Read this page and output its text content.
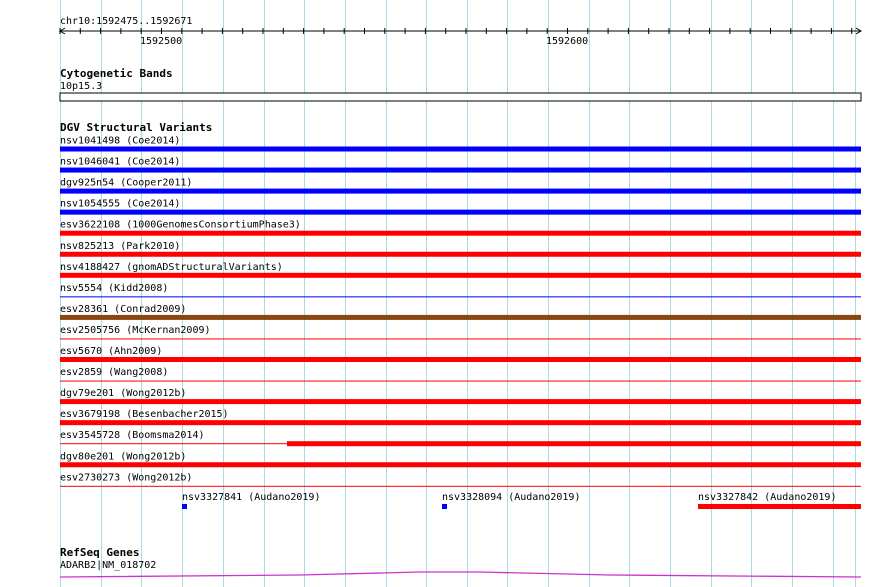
chr10:1592475..1592671
1592500	1592600
Cytogenetic Bands
10p15.3
DGV Structural Variants
nsv1041498 (Coe2014)
nsv1046041 (Coe2014)
dgv925n54 (Cooper2011)
nsv1054555 (Coe2014)
esv3622108 (1000GenomesConsortiumPhase3)
nsv825213 (Park2010)
nsv4188427 (gnomADStructuralVariants)
nsv5554 (Kidd2008)
esv28361 (Conrad2009)
esv2505756 (McKernan2009)
esv5670 (Ahn2009)
esv2859 (Wang2008)
dgv79e201 (Wong2012b)
esv3679198 (Besenbacher2015)
esv3545728 (Boomsma2014)
dgv80e201 (Wong2012b)
esv2730273 (Wong2012b)
nsv3327841 (Audano2019)	nsv3328094 (Audano2019)	nsv3327842 (Audano2019)
RefSeq Genes
ADARB2|NM_018702
